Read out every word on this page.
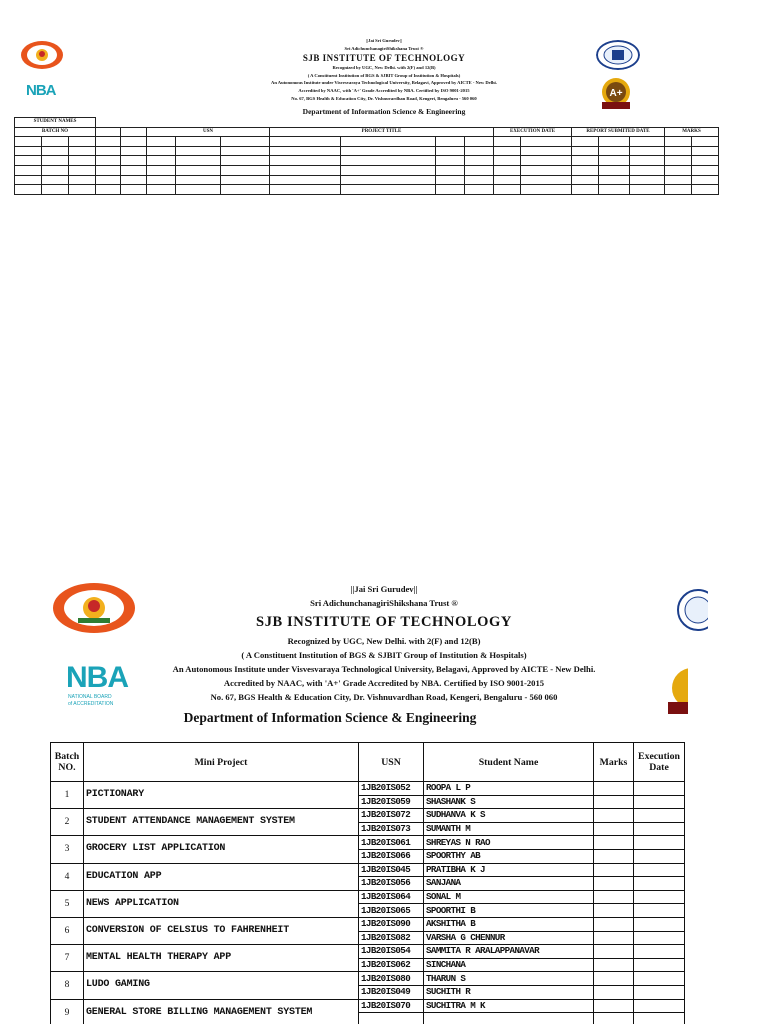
NBA	A+
||Jai Sri Gurudev||
Sri AdichunchanagiriShikshana Trust ®
SJB INSTITUTE OF TECHNOLOGY
Recognized by UGC, New Delhi. with 2(F) and 12(B)
( A Constituent Institution of BGS & SJBIT Group of Institution & Hospitals)
An Autonomous Institute under Visvesvaraya Technological University, Belagavi, Approved by AICTE - New Delhi.
Accredited by NAAC, with 'A+' Grade Accredited by NBA. Certified by ISO 9001-2015
No. 67, BGS Health & Education City, Dr. Vishnuvardhan Road, Kengeri, Bengaluru - 560 060
Department of Information Science & Engineering
STUDENT NAMES																		
BATCH NO					USN			PROJECT TITLE				EXECUTION DATE		REPORT SUBMITED DATE			MARKS	

NBA
NATIONAL BOARD
of ACCREDITATION
||Jai Sri Gurudev||
Sri AdichunchanagiriShikshana Trust ®
SJB INSTITUTE OF TECHNOLOGY
Recognized by UGC, New Delhi. with 2(F) and 12(B)
( A Constituent Institution of BGS & SJBIT Group of Institution & Hospitals)
An Autonomous Institute under Visvesvaraya Technological University, Belagavi, Approved by AICTE - New Delhi.
Accredited by NAAC, with 'A+' Grade Accredited by NBA. Certified by ISO 9001-2015
No. 67, BGS Health & Education City, Dr. Vishnuvardhan Road, Kengeri, Bengaluru - 560 060
Department of Information Science & Engineering
Batch NO.	Mini Project	USN	Student Name	Marks	Execution Date
1	PICTIONARY	1JB20IS052	ROOPA L P		
		1JB20IS059	SHASHANK S		
2	STUDENT ATTENDANCE MANAGEMENT SYSTEM	1JB20IS072	SUDHANVA K S		
		1JB20IS073	SUMANTH M		
3	GROCERY LIST APPLICATION	1JB20IS061	SHREYAS N RAO		
		1JB20IS066	SPOORTHY AB		
4	EDUCATION APP	1JB20IS045	PRATIBHA K J		
		1JB20IS056	SANJANA		
5	NEWS APPLICATION	1JB20IS064	SONAL M		
		1JB20IS065	SPOORTHI B		
6	CONVERSION OF CELSIUS TO FAHRENHEIT	1JB20IS090	AKSHITHA B		
		1JB20IS082	VARSHA G CHENNUR		
7	MENTAL HEALTH THERAPY APP	1JB20IS054	SAMMITA R ARALAPPANAVAR		
		1JB20IS062	SINCHANA		
8	LUDO GAMING	1JB20IS080	THARUN S		
		1JB20IS049	SUCHITH R		
9	GENERAL STORE BILLING MANAGEMENT SYSTEM	1JB20IS070	SUCHITRA M K		
